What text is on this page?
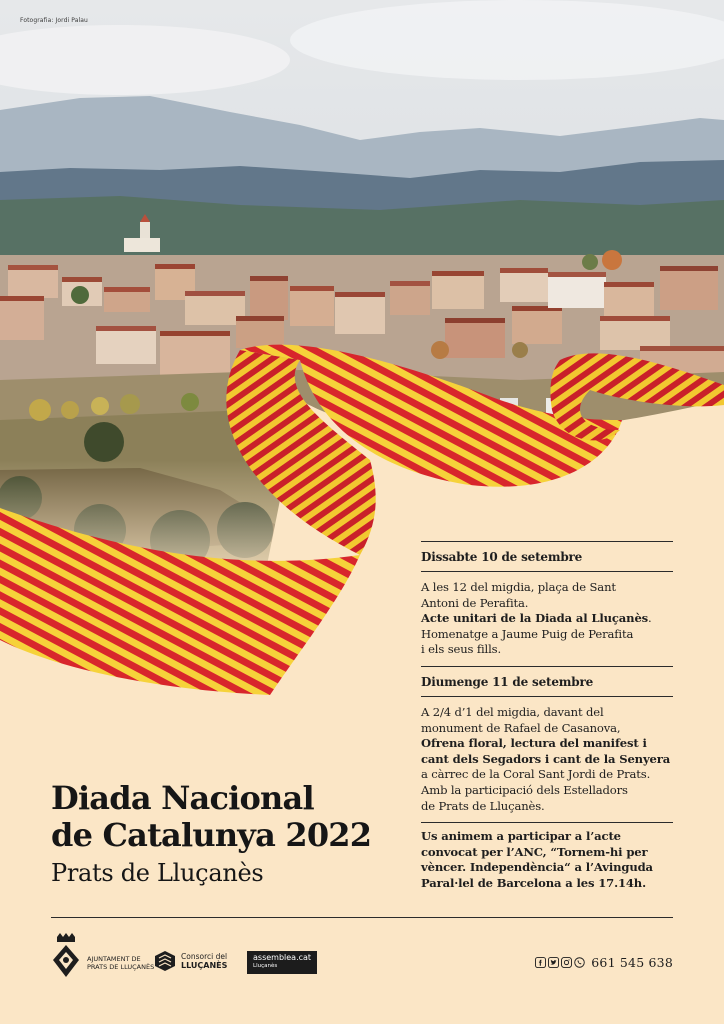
Fotografia: Jordi Palau
Dissabte 10 de setembre
A les 12 del migdia, plaça de Sant
Antoni de Perafita.
Acte unitari de la Diada al Lluçanès.
Homenatge a Jaume Puig de Perafita
i els seus fills.
Diumenge 11 de setembre
A 2/4 d’1 del migdia, davant del
monument de Rafael de Casanova,
Ofrena floral, lectura del manifest i
cant dels Segadors i cant de la Senyera
a càrrec de la Coral Sant Jordi de Prats.
Amb la participació dels Estelladors
de Prats de Lluçanès.
Us animem a participar a l’acte
convocat per l’ANC, “Tornem-hi per
vèncer. Independència“ a l’Avinguda
Paral·lel de Barcelona a les 17.14h.
Diada Nacional
de Catalunya 2022
Prats de Lluçanès
AJUNTAMENT DE
PRATS DE LLUÇANÈS
Consorci del
LLUÇANÈS
assemblea.cat
Lluçanès	661 545 638
